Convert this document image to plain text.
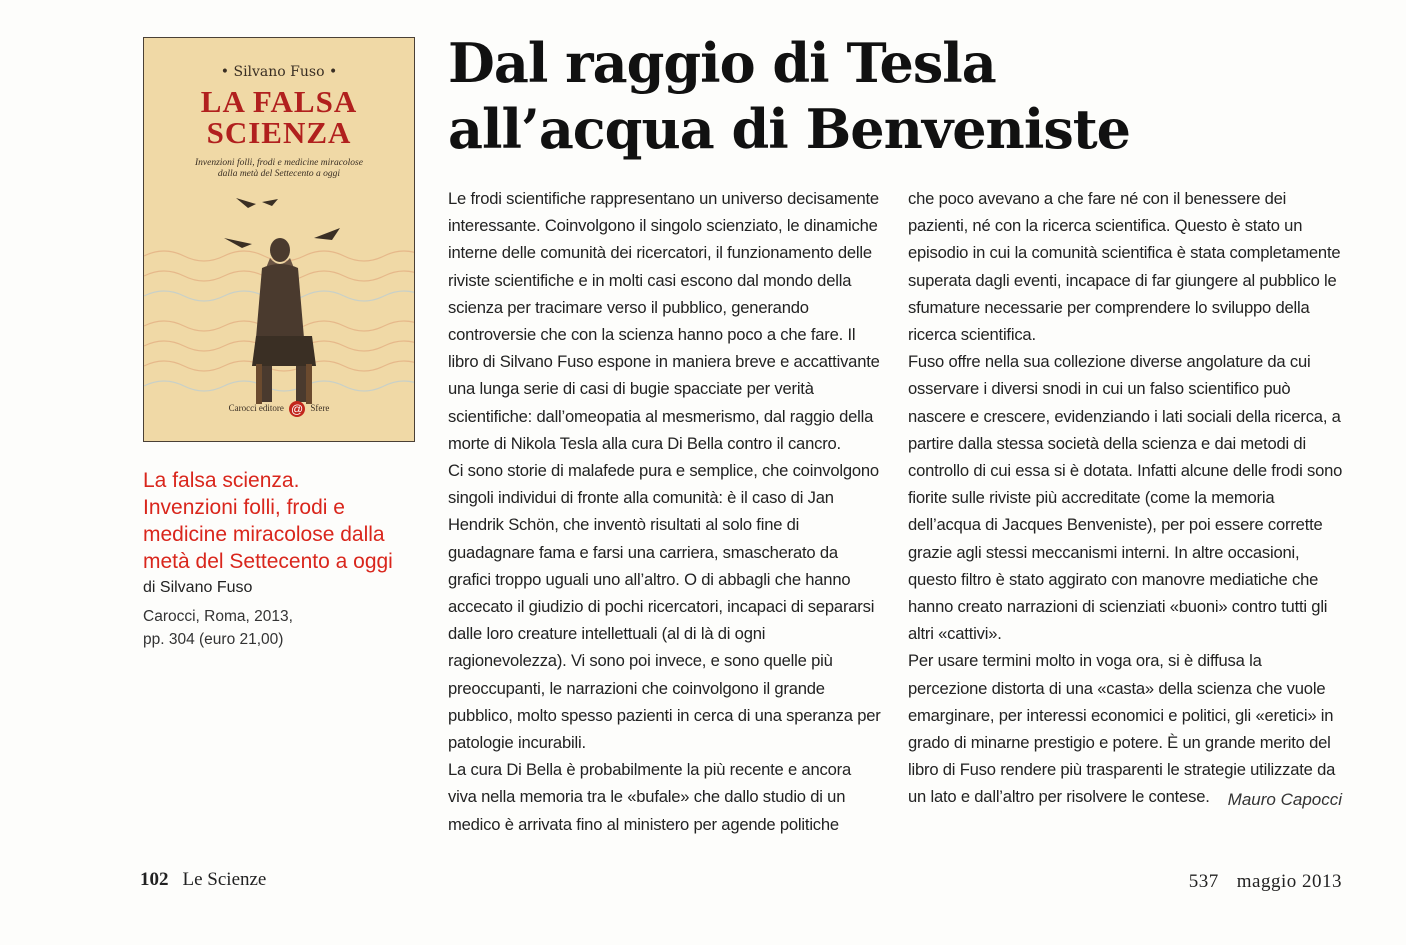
• Silvano Fuso •
LA FALSA
SCIENZA
Invenzioni folli, frodi e medicine miracolose
dalla metà del Settecento a oggi
Carocci editore @ Sfere
La falsa scienza.
Invenzioni folli, frodi e
medicine miracolose dalla
metà del Settecento a oggi
di Silvano Fuso
Carocci, Roma, 2013,
pp. 304 (euro 21,00)
Dal raggio di Tesla
all’acqua di Benveniste

Le frodi scientifiche rappresentano un universo decisamente interessante. Coinvolgono il singolo scienziato, le dinamiche interne delle comunità dei ricercatori, il funzionamento delle riviste scientifiche e in molti casi escono dal mondo della scienza per tracimare verso il pubblico, generando controversie che con la scienza hanno poco a che fare. Il libro di Silvano Fuso espone in maniera breve e accattivante una lunga serie di casi di bugie spacciate per verità scientifiche: dall’omeopatia al mesmerismo, dal raggio della morte di Nikola Tesla alla cura Di Bella contro il cancro.

Ci sono storie di malafede pura e semplice, che coinvolgono singoli individui di fronte alla comunità: è il caso di Jan Hendrik Schön, che inventò risultati al solo fine di guadagnare fama e farsi una carriera, smascherato da grafici troppo uguali uno all’altro. O di abbagli che hanno accecato il giudizio di pochi ricercatori, incapaci di separarsi dalle loro creature intellettuali (al di là di ogni ragionevolezza). Vi sono poi invece, e sono quelle più preoccupanti, le narrazioni che coinvolgono il grande pubblico, molto spesso pazienti in cerca di una speranza per patologie incurabili.

La cura Di Bella è probabilmente la più recente e ancora viva nella memoria tra le «bufale» che dallo studio di un medico è arrivata fino al ministero per agende politiche

che poco avevano a che fare né con il benessere dei pazienti, né con la ricerca scientifica. Questo è stato un episodio in cui la comunità scientifica è stata completamente superata dagli eventi, incapace di far giungere al pubblico le sfumature necessarie per comprendere lo sviluppo della ricerca scientifica.

Fuso offre nella sua collezione diverse angolature da cui osservare i diversi snodi in cui un falso scientifico può nascere e crescere, evidenziando i lati sociali della ricerca, a partire dalla stessa società della scienza e dai metodi di controllo di cui essa si è dotata. Infatti alcune delle frodi sono fiorite sulle riviste più accreditate (come la memoria dell’acqua di Jacques Benveniste), per poi essere corrette grazie agli stessi meccanismi interni. In altre occasioni, questo filtro è stato aggirato con manovre mediatiche che hanno creato narrazioni di scienziati «buoni» contro tutti gli altri «cattivi».

Per usare termini molto in voga ora, si è diffusa la percezione distorta di una «casta» della scienza che vuole emarginare, per interessi economici e politici, gli «eretici» in grado di minarne prestigio e potere. È un grande merito del libro di Fuso rendere più trasparenti le strategie utilizzate da un lato e dall’altro per risolvere le contese.	Mauro Capocci
102 Le Scienze	537 maggio 2013
